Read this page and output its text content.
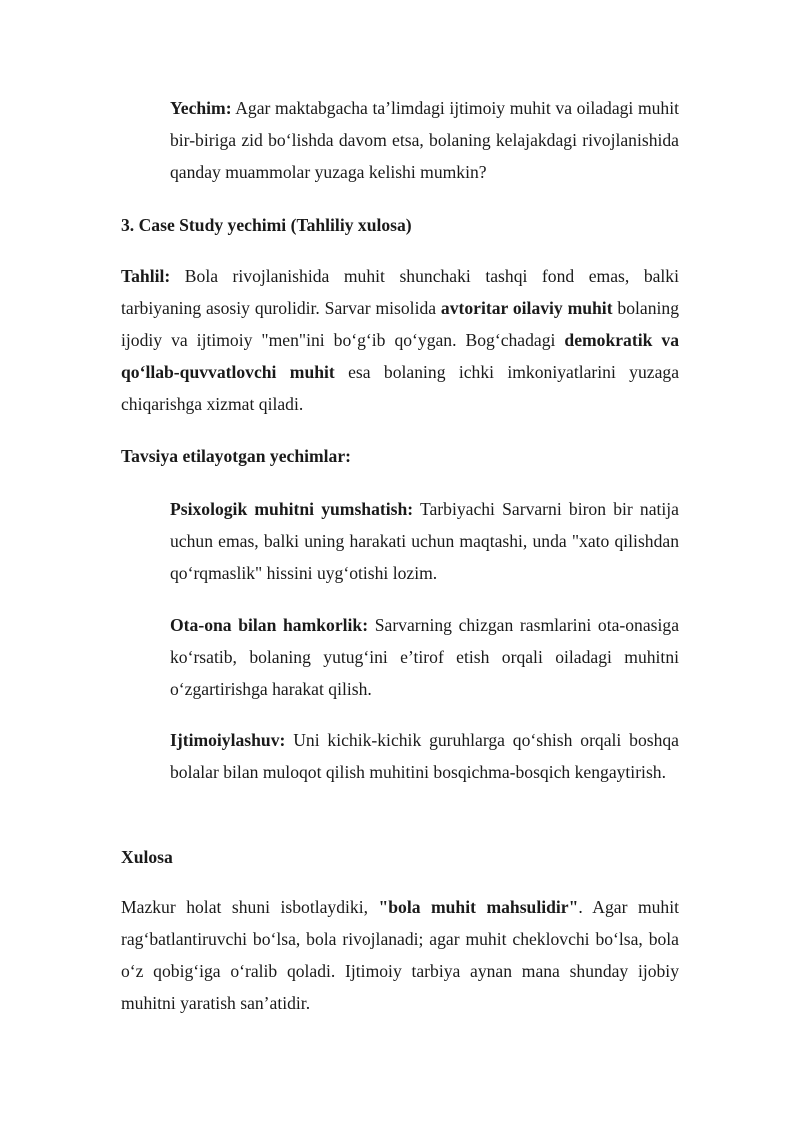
Yechim: Agar maktabgacha ta’limdagi ijtimoiy muhit va oiladagi muhit bir-biriga zid bo‘lishda davom etsa, bolaning kelajakdagi rivojlanishida qanday muammolar yuzaga kelishi mumkin?

3. Case Study yechimi (Tahliliy xulosa)

Tahlil: Bola rivojlanishida muhit shunchaki tashqi fond emas, balki tarbiyaning asosiy qurolidir. Sarvar misolida avtoritar oilaviy muhit bolaning ijodiy va ijtimoiy "men"ini bo‘g‘ib qo‘ygan. Bog‘chadagi demokratik va qo‘llab-quvvatlovchi muhit esa bolaning ichki imkoniyatlarini yuzaga chiqarishga xizmat qiladi.

Tavsiya etilayotgan yechimlar:

Psixologik muhitni yumshatish: Tarbiyachi Sarvarni biron bir natija uchun emas, balki uning harakati uchun maqtashi, unda "xato qilishdan qo‘rqmaslik" hissini uyg‘otishi lozim.

Ota-ona bilan hamkorlik: Sarvarning chizgan rasmlarini ota-onasiga ko‘rsatib, bolaning yutug‘ini e’tirof etish orqali oiladagi muhitni o‘zgartirishga harakat qilish.

Ijtimoiylashuv: Uni kichik-kichik guruhlarga qo‘shish orqali boshqa bolalar bilan muloqot qilish muhitini bosqichma-bosqich kengaytirish.

Xulosa

Mazkur holat shuni isbotlaydiki, "bola muhit mahsulidir". Agar muhit rag‘batlantiruvchi bo‘lsa, bola rivojlanadi; agar muhit cheklovchi bo‘lsa, bola o‘z qobig‘iga o‘ralib qoladi. Ijtimoiy tarbiya aynan mana shunday ijobiy muhitni yaratish san’atidir.
